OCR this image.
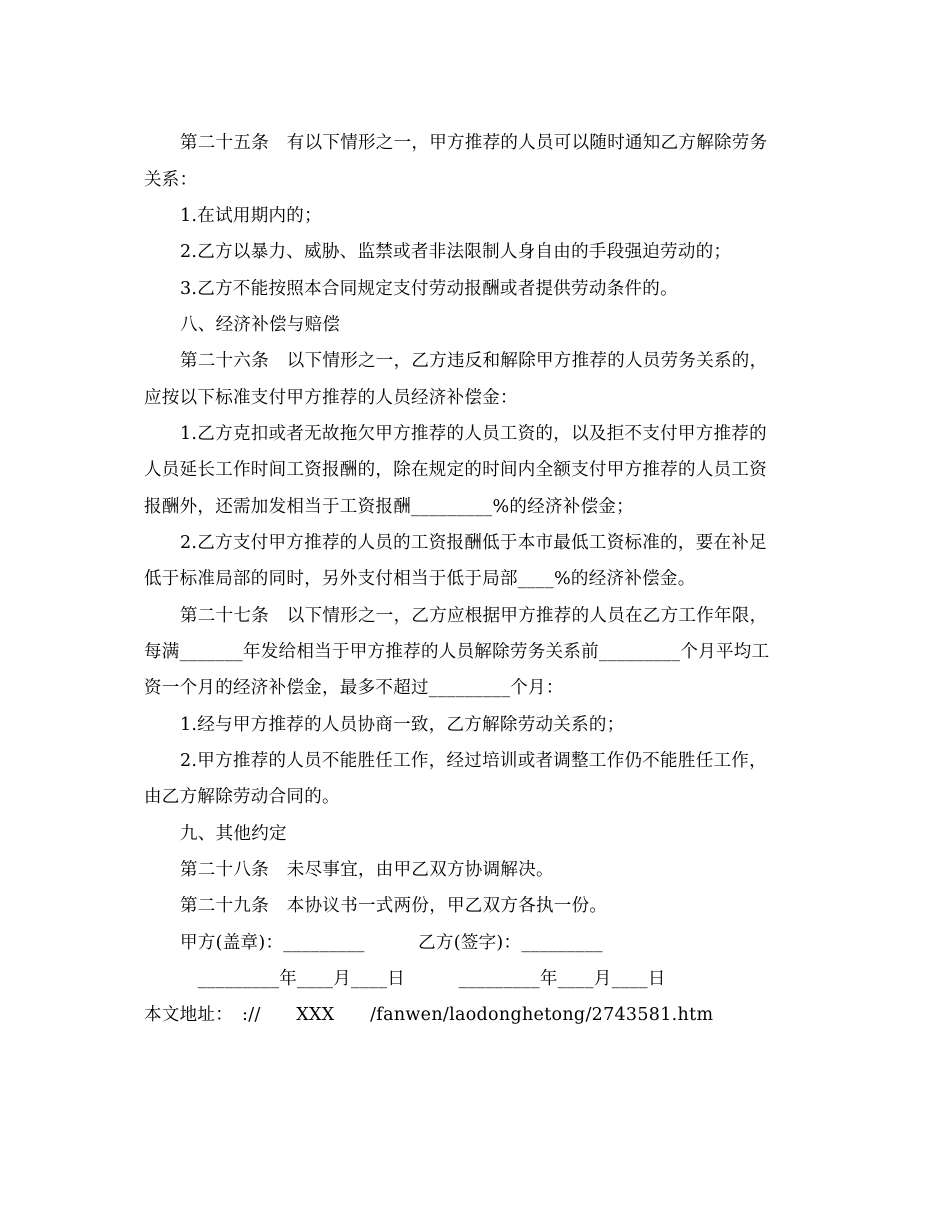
第二十五条　有以下情形之一，甲方推荐的人员可以随时通知乙方解除劳务
关系：
1.在试用期内的；
2.乙方以暴力、威胁、监禁或者非法限制人身自由的手段强迫劳动的；
3.乙方不能按照本合同规定支付劳动报酬或者提供劳动条件的。
八、经济补偿与赔偿
第二十六条　以下情形之一，乙方违反和解除甲方推荐的人员劳务关系的，
应按以下标准支付甲方推荐的人员经济补偿金：
1.乙方克扣或者无故拖欠甲方推荐的人员工资的，以及拒不支付甲方推荐的
人员延长工作时间工资报酬的，除在规定的时间内全额支付甲方推荐的人员工资
报酬外，还需加发相当于工资报酬_________%的经济补偿金；
2.乙方支付甲方推荐的人员的工资报酬低于本市最低工资标准的，要在补足
低于标准局部的同时，另外支付相当于低于局部____%的经济补偿金。
第二十七条　以下情形之一，乙方应根据甲方推荐的人员在乙方工作年限，
每满_______年发给相当于甲方推荐的人员解除劳务关系前_________个月平均工
资一个月的经济补偿金，最多不超过_________个月：
1.经与甲方推荐的人员协商一致，乙方解除劳动关系的；
2.甲方推荐的人员不能胜任工作，经过培训或者调整工作仍不能胜任工作，
由乙方解除劳动合同的。
九、其他约定
第二十八条　未尽事宜，由甲乙双方协调解决。
第二十九条　本协议书一式两份，甲乙双方各执一份。
甲方(盖章)：_________　　　乙方(签字)：_________
　_________年____月____日　　　_________年____月____日
本文地址：　://　　XXX　　/fanwen/laodonghetong/2743581.htm
